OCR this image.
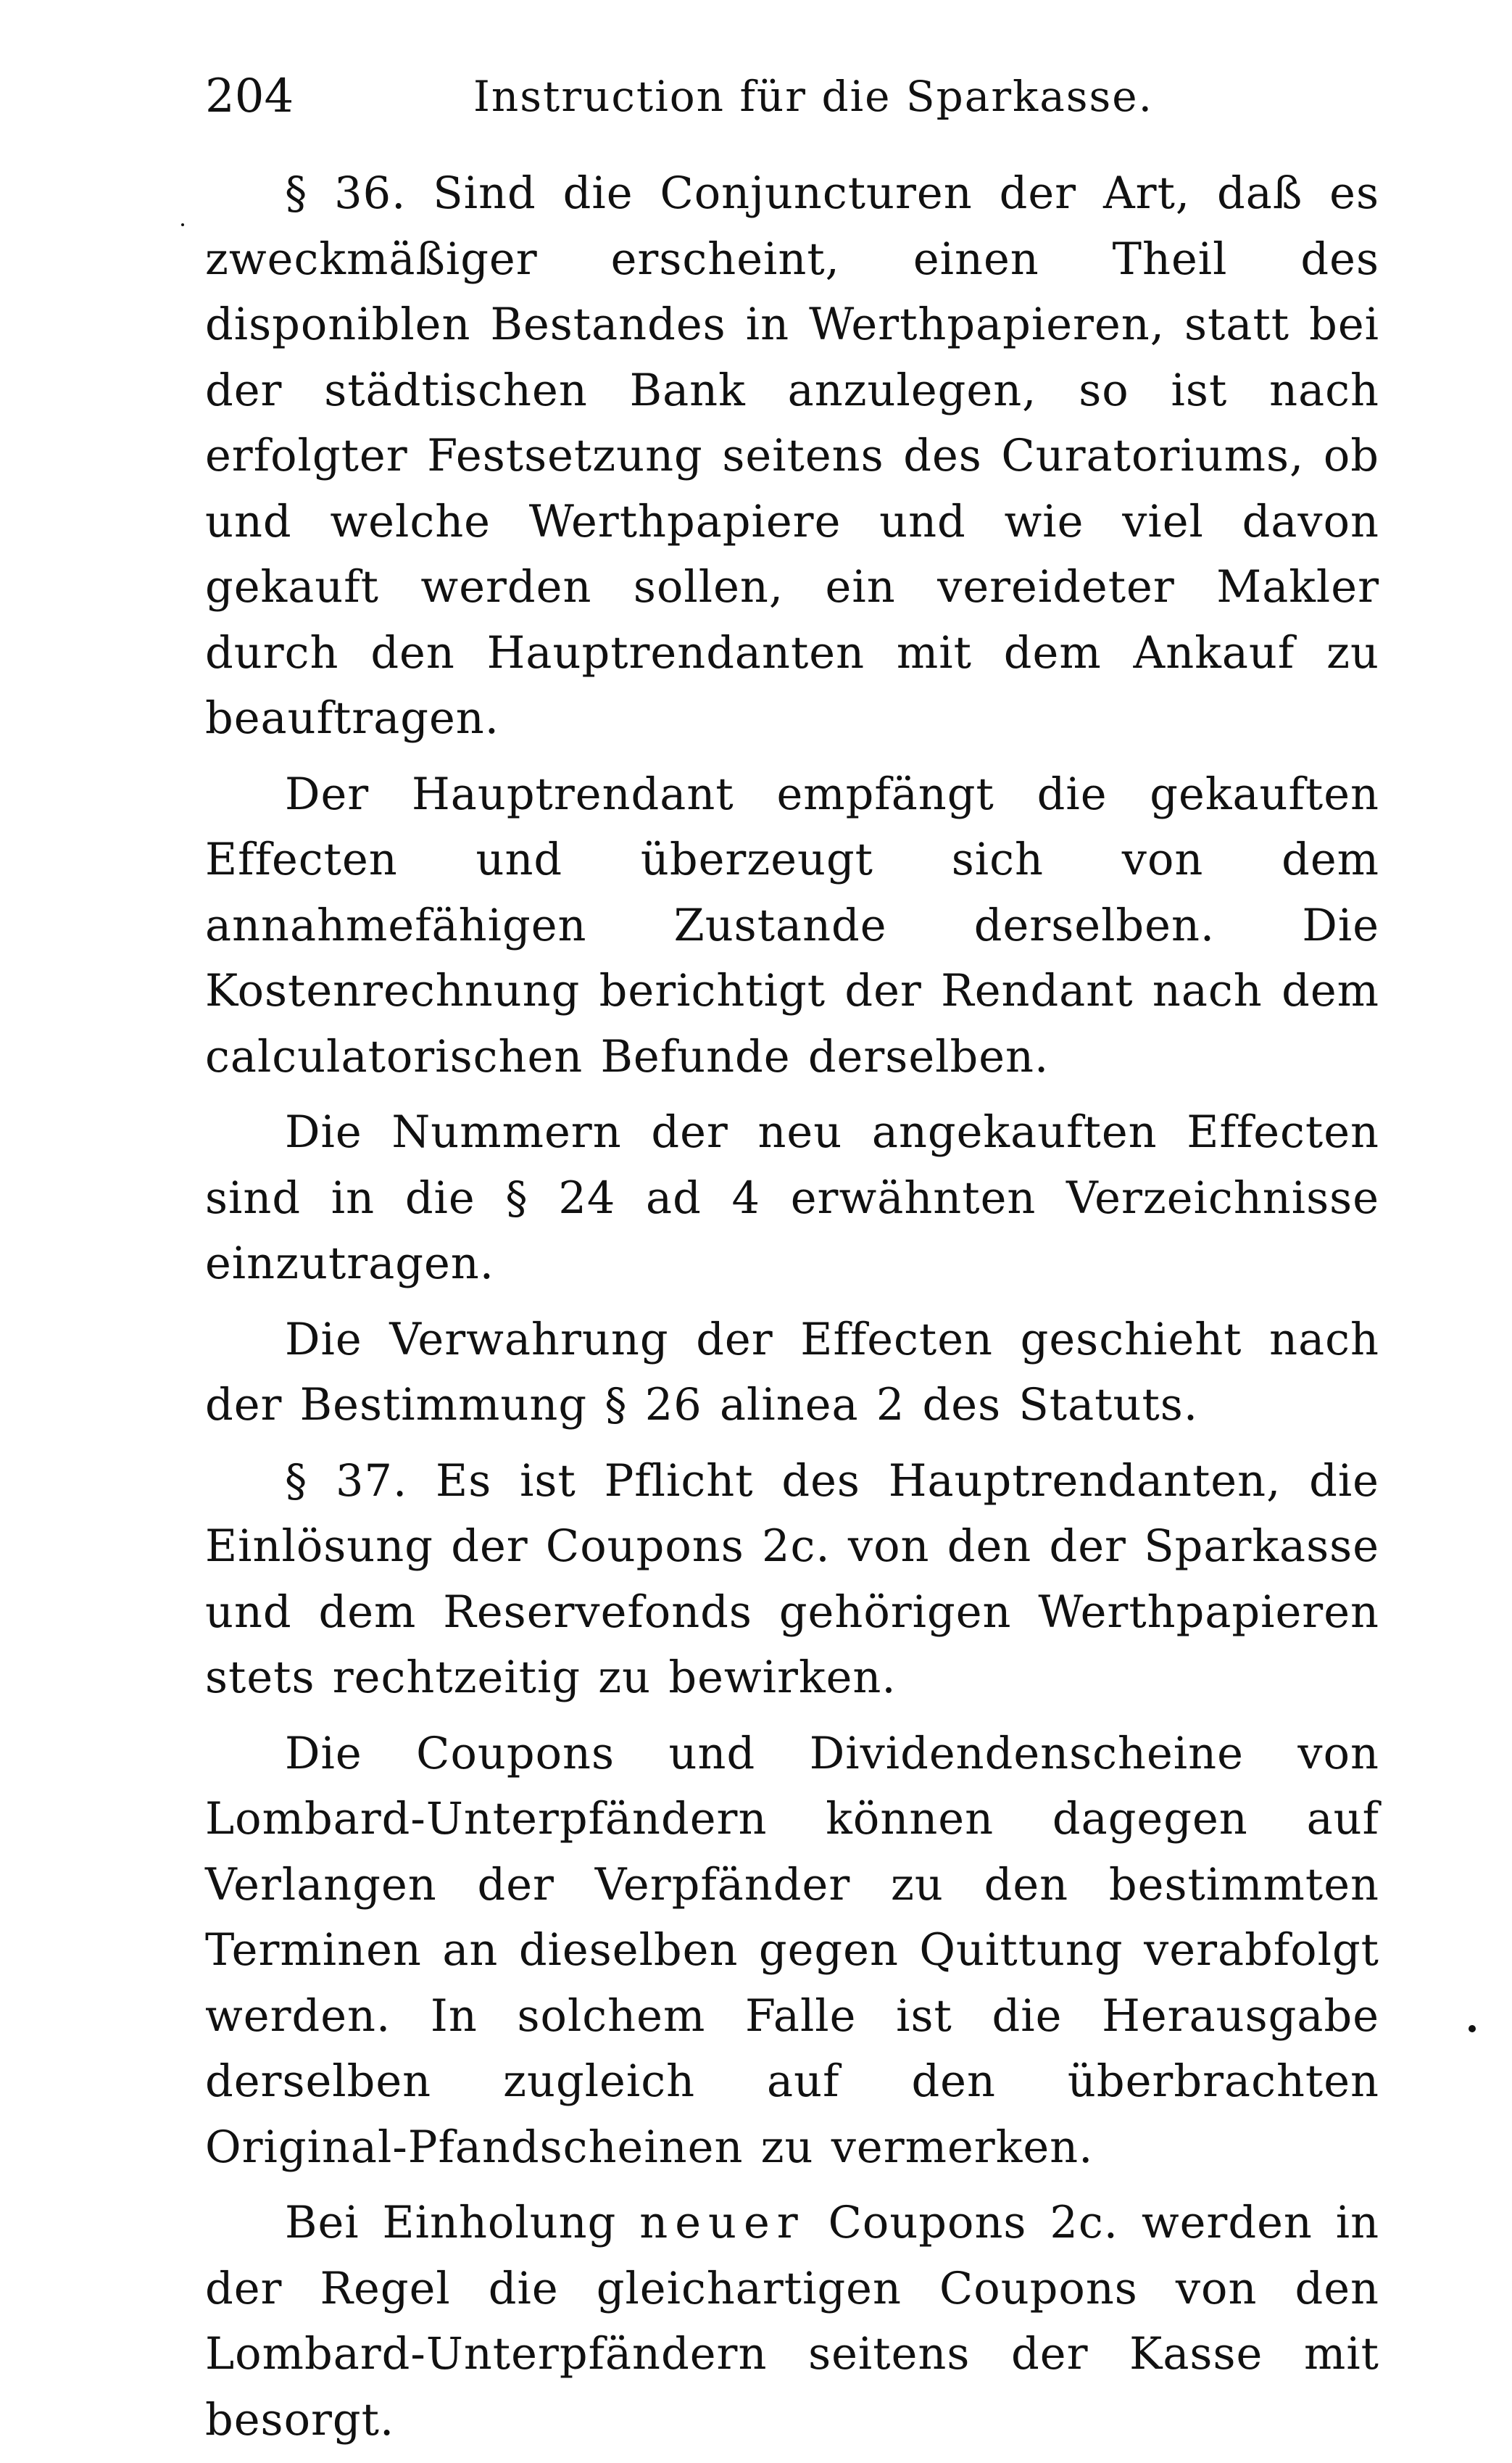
204	Instruction für die Sparkasse.

§ 36. Sind die Conjuncturen der Art, daß es zweckmäßiger erscheint, einen Theil des disponiblen Bestandes in Werthpapieren, statt bei der städtischen Bank anzulegen, so ist nach erfolgter Festsetzung seitens des Curatoriums, ob und welche Werthpapiere und wie viel davon gekauft werden sollen, ein vereideter Makler durch den Hauptrendanten mit dem Ankauf zu beauftragen.

Der Hauptrendant empfängt die gekauften Effecten und überzeugt sich von dem annahmefähigen Zustande derselben. Die Kostenrechnung berichtigt der Rendant nach dem calculatorischen Befunde derselben.

Die Nummern der neu angekauften Effecten sind in die § 24 ad 4 erwähnten Verzeichnisse einzutragen.

Die Verwahrung der Effecten geschieht nach der Bestimmung § 26 alinea 2 des Statuts.

§ 37. Es ist Pflicht des Hauptrendanten, die Einlösung der Coupons 2c. von den der Sparkasse und dem Reservefonds gehörigen Werthpapieren stets rechtzeitig zu bewirken.

Die Coupons und Dividendenscheine von Lombard-Unterpfändern können dagegen auf Verlangen der Verpfänder zu den bestimmten Terminen an dieselben gegen Quittung verabfolgt werden. In solchem Falle ist die Herausgabe derselben zugleich auf den überbrachten Original-Pfandscheinen zu vermerken.

Bei Einholung neuer Coupons 2c. werden in der Regel die gleichartigen Coupons von den Lombard-Unterpfändern seitens der Kasse mit besorgt.
